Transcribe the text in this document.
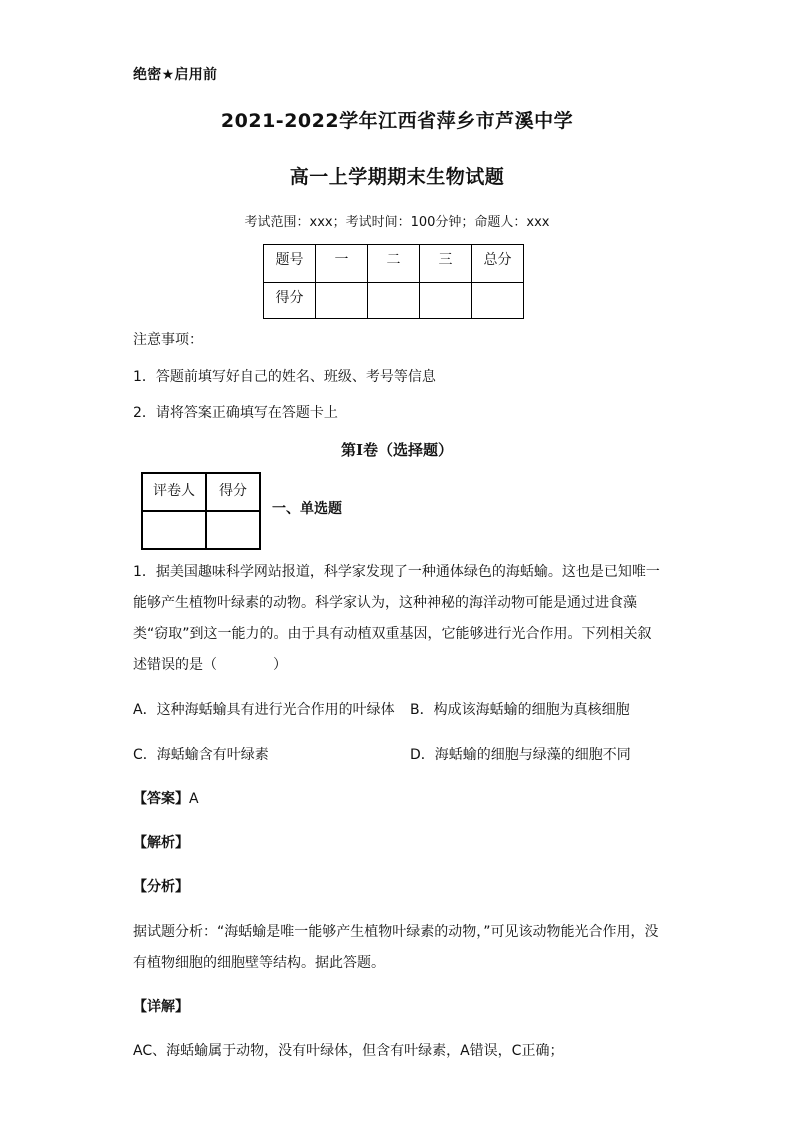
绝密★启用前
2021-2022学年江西省萍乡市芦溪中学
高一上学期期末生物试题
考试范围：xxx；考试时间：100分钟；命题人：xxx
题号	一	二	三	总分
得分				
注意事项：
1．答题前填写好自己的姓名、班级、考号等信息
2．请将答案正确填写在答题卡上
第I卷（选择题）
评卷人	得分

一、单选题
1．据美国趣味科学网站报道，科学家发现了一种通体绿色的海蛞蝓。这也是已知唯一能够产生植物叶绿素的动物。科学家认为，这种神秘的海洋动物可能是通过进食藻类“窃取”到这一能力的。由于具有动植双重基因，它能够进行光合作用。下列相关叙述错误的是（　　　　）
A．这种海蛞蝓具有进行光合作用的叶绿体 B．构成该海蛞蝓的细胞为真核细胞
C．海蛞蝓含有叶绿素	D．海蛞蝓的细胞与绿藻的细胞不同
【答案】A
【解析】
【分析】
据试题分析：“海蛞蝓是唯一能够产生植物叶绿素的动物，”可见该动物能光合作用，没有植物细胞的细胞壁等结构。据此答题。
【详解】
AC、海蛞蝓属于动物，没有叶绿体，但含有叶绿素，A错误，C正确；
